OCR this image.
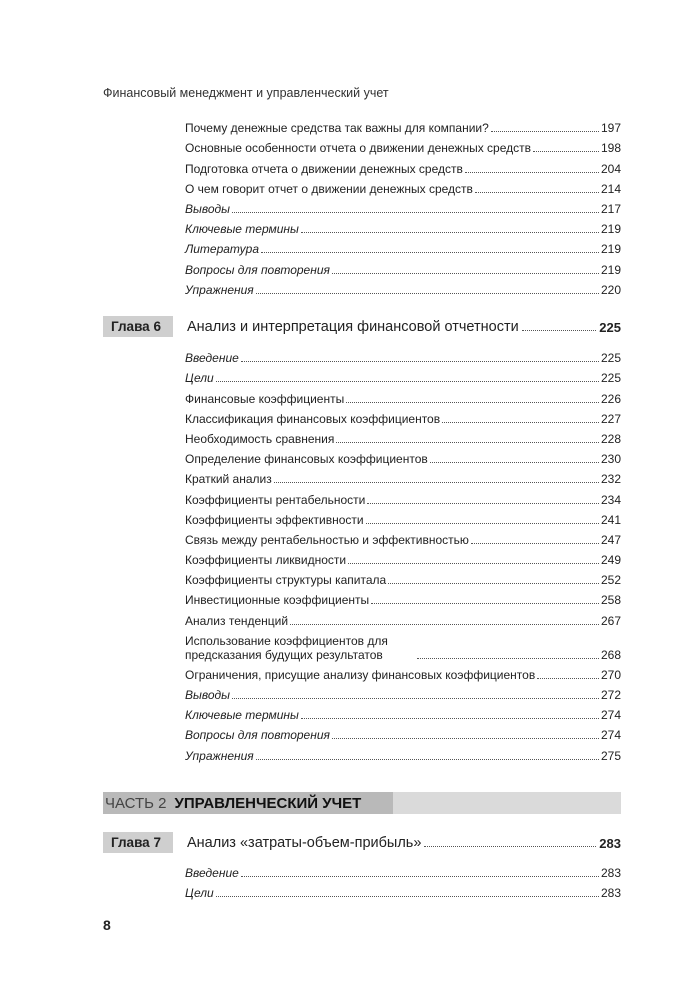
Финансовый менеджмент и управленческий учет
Почему денежные средства так важны для компании?	197
Основные особенности отчета о движении денежных средств	198
Подготовка отчета о движении денежных средств	204
О чем говорит отчет о движении денежных средств	214
Выводы	217
Ключевые термины	219
Литература	219
Вопросы для повторения	219
Упражнения	220
Глава 6	Анализ и интерпретация финансовой отчетности	225
Введение	225
Цели	225
Финансовые коэффициенты	226
Классификация финансовых коэффициентов	227
Необходимость сравнения	228
Определение финансовых коэффициентов	230
Краткий анализ	232
Коэффициенты рентабельности	234
Коэффициенты эффективности	241
Связь между рентабельностью и эффективностью	247
Коэффициенты ликвидности	249
Коэффициенты структуры капитала	252
Инвестиционные коэффициенты	258
Анализ тенденций	267
Использование коэффициентов для предсказания будущих результатов	268
Ограничения, присущие анализу финансовых коэффициентов	270
Выводы	272
Ключевые термины	274
Вопросы для повторения	274
Упражнения	275
ЧАСТЬ 2 УПРАВЛЕНЧЕСКИЙ УЧЕТ
Глава 7	Анализ «затраты-объем-прибыль»	283
Введение	283
Цели	283
8
